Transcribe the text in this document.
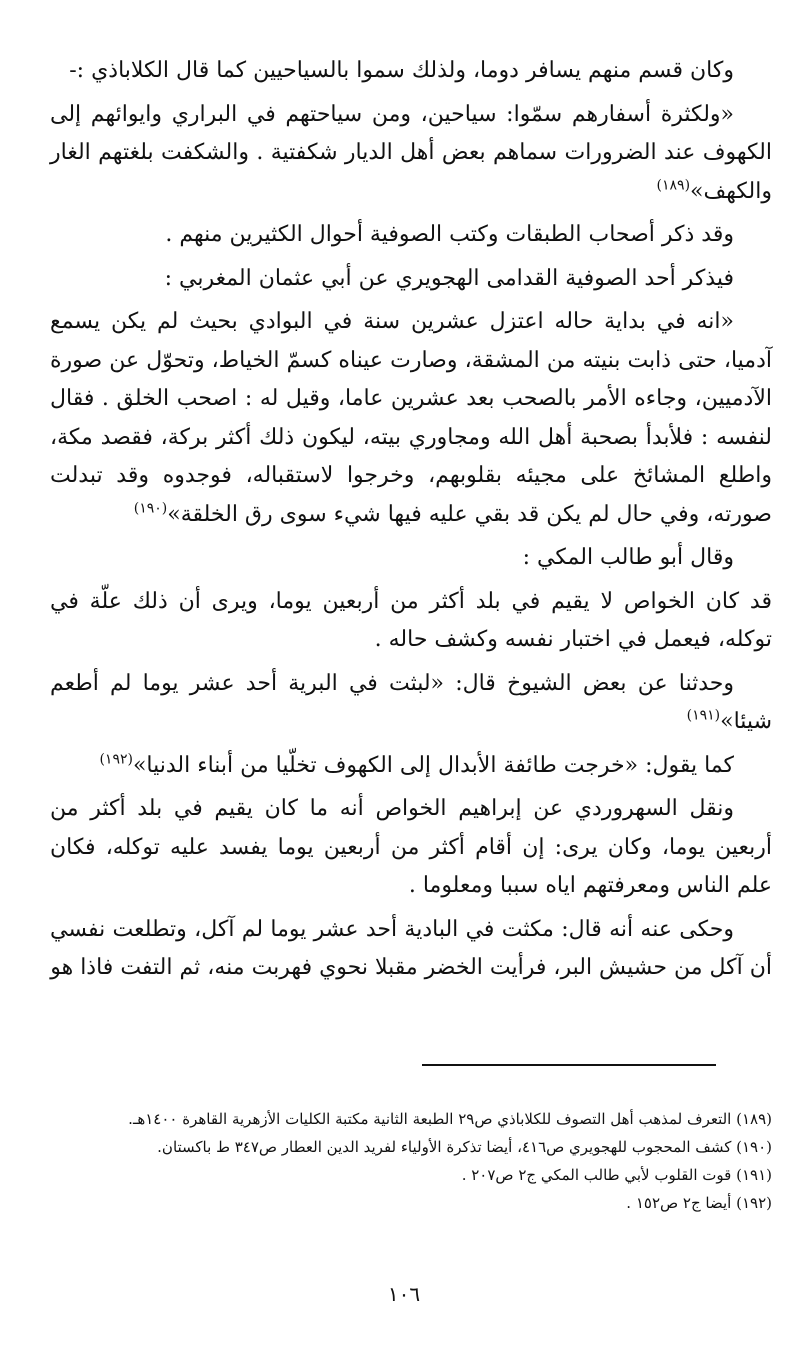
وكان قسم منهم يسافر دوما، ولذلك سموا بالسياحيين كما قال الكلاباذي :-

«ولكثرة أسفارهم سمّوا: سياحين، ومن سياحتهم في البراري وايوائهم إلى الكهوف عند الضرورات سماهم بعض أهل الديار شكفتية . والشكفت بلغتهم الغار والكهف»$^{(١٨٩)}$

وقد ذكر أصحاب الطبقات وكتب الصوفية أحوال الكثيرين منهم .

فيذكر أحد الصوفية القدامى الهجويري عن أبي عثمان المغربي :

«انه في بداية حاله اعتزل عشرين سنة في البوادي بحيث لم يكن يسمع آدميا، حتى ذابت بنيته من المشقة، وصارت عيناه كسمّ الخياط، وتحوّل عن صورة الآدميين، وجاءه الأمر بالصحب بعد عشرين عاما، وقيل له : اصحب الخلق . فقال لنفسه : فلأبدأ بصحبة أهل الله ومجاوري بيته، ليكون ذلك أكثر بركة، فقصد مكة، واطلع المشائخ على مجيئه بقلوبهم، وخرجوا لاستقباله، فوجدوه وقد تبدلت صورته، وفي حال لم يكن قد بقي عليه فيها شيء سوى رق الخلقة»$^{(١٩٠)}$

وقال أبو طالب المكي :

قد كان الخواص لا يقيم في بلد أكثر من أربعين يوما، ويرى أن ذلك علّة في توكله، فيعمل في اختبار نفسه وكشف حاله .

وحدثنا عن بعض الشيوخ قال: «لبثت في البرية أحد عشر يوما لم أطعم شيئا»$^{(١٩١)}$

كما يقول: «خرجت طائفة الأبدال إلى الكهوف تخلّيا من أبناء الدنيا»$^{(١٩٢)}$

ونقل السهروردي عن إبراهيم الخواص أنه ما كان يقيم في بلد أكثر من أربعين يوما، وكان يرى: إن أقام أكثر من أربعين يوما يفسد عليه توكله، فكان علم الناس ومعرفتهم اياه سببا ومعلوما .

وحكى عنه أنه قال: مكثت في البادية أحد عشر يوما لم آكل، وتطلعت نفسي أن آكل من حشيش البر، فرأيت الخضر مقبلا نحوي فهربت منه، ثم التفت فاذا هو

(١٨٩) التعرف لمذهب أهل التصوف للكلاباذي ص٢٩ الطبعة الثانية مكتبة الكليات الأزهرية القاهرة ١٤٠٠هـ.

(١٩٠) كشف المحجوب للهجويري ص٤١٦، أيضا تذكرة الأولياء لفريد الدين العطار ص٣٤٧ ط باكستان.

(١٩١) قوت القلوب لأبي طالب المكي ج٢ ص٢٠٧ .

(١٩٢) أيضا ج٢ ص١٥٢ .

١٠٦
